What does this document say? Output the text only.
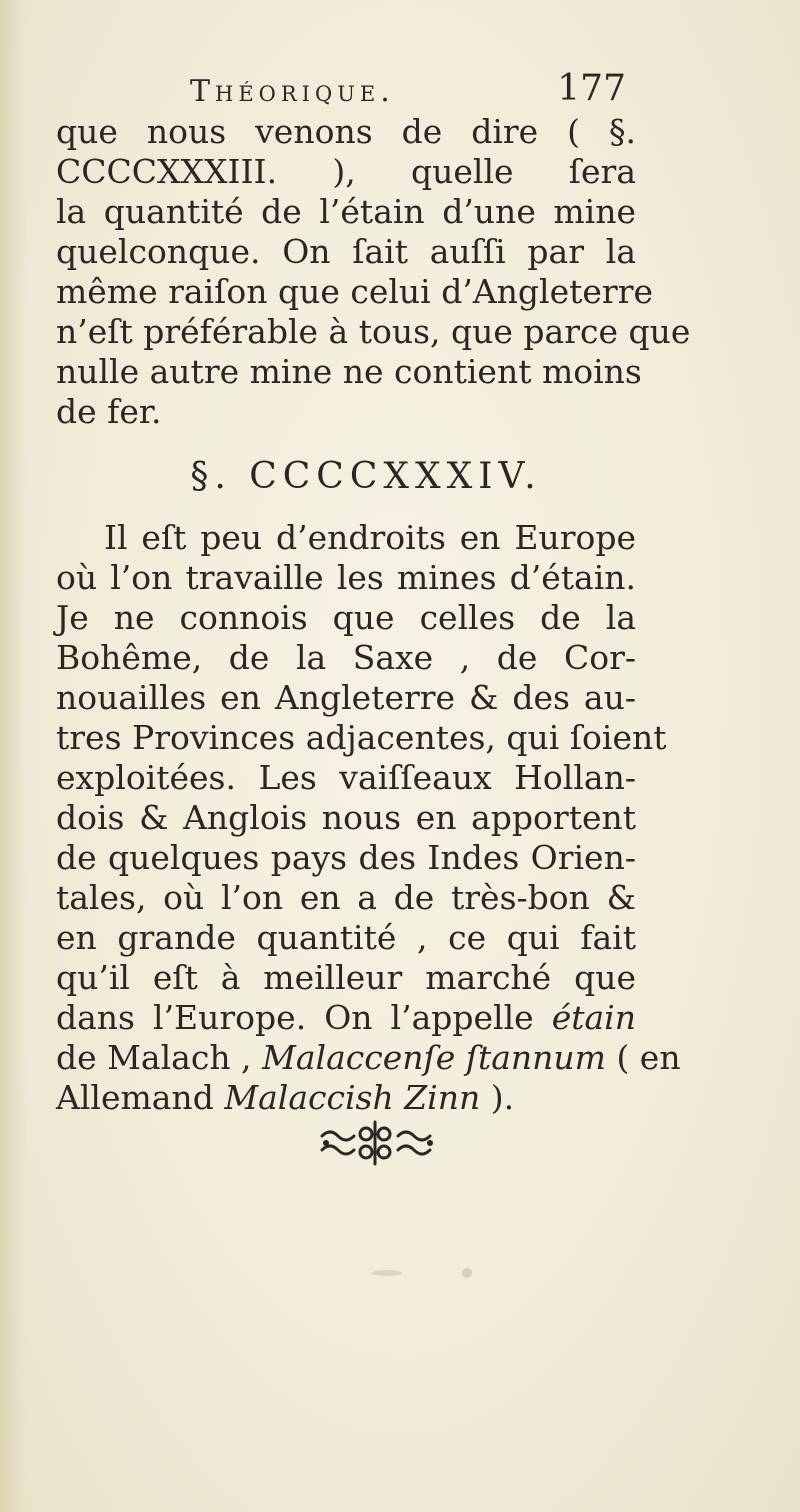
Théorique.	177
que nous venons de dire ( §.
CCCCXXXIII. ), quelle ſera
la quantité de l’étain d’une mine
quelconque. On ſait auſſi par la
même raiſon que celui d’Angleterre
n’eſt préférable à tous, que parce que
nulle autre mine ne contient moins
de fer.
§. CCCCXXXIV.
Il eſt peu d’endroits en Europe
où l’on travaille les mines d’étain.
Je ne connois que celles de la
Bohême, de la Saxe , de Cor-
nouailles en Angleterre & des au-
tres Provinces adjacentes, qui ſoient
exploitées. Les vaiſſeaux Hollan-
dois & Anglois nous en apportent
de quelques pays des Indes Orien-
tales, où l’on en a de très-bon &
en grande quantité , ce qui fait
qu’il eſt à meilleur marché que
dans l’Europe. On l’appelle étain
de Malach , Malaccenſe ſtannum ( en
Allemand Malaccish Zinn ).
